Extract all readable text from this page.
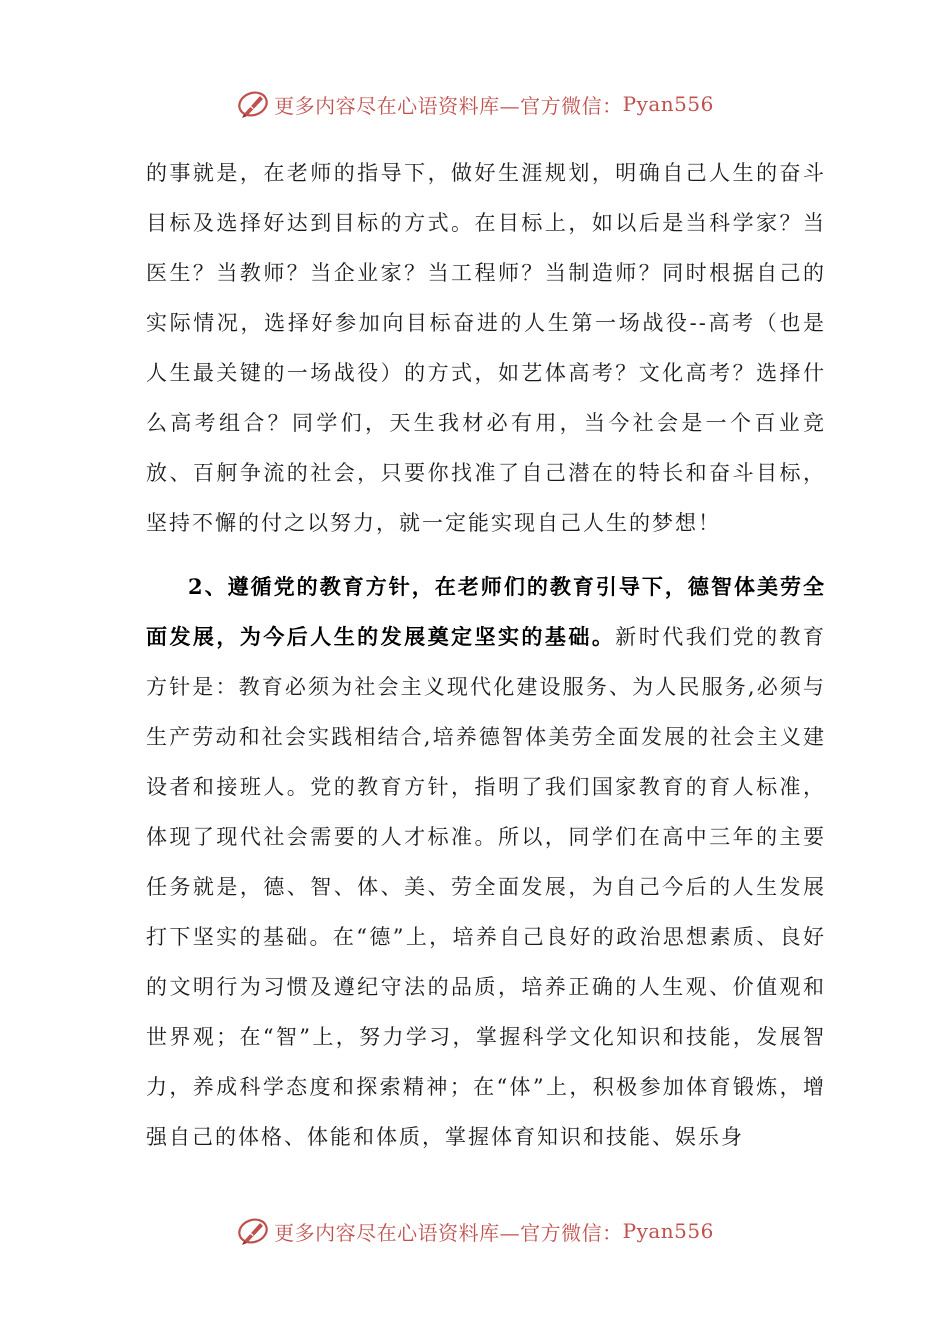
更多内容尽在心语资料库— 官方微信： Pyan556

的事就是，在老师的指导下，做好生涯规划，明确自己人生的奋斗目标及选择好达到目标的方式。在目标上，如以后是当科学家？当医生？当教师？当企业家？当工程师？当制造师？同时根据自己的实际情况，选择好参加向目标奋进的人生第一场战役--高考（也是人生最关键的一场战役）的方式，如艺体高考？文化高考？选择什么高考组合？同学们，天生我材必有用，当今社会是一个百业竞放、百舸争流的社会，只要你找准了自己潜在的特长和奋斗目标，坚持不懈的付之以努力，就一定能实现自己人生的梦想！

2、遵循党的教育方针，在老师们的教育引导下，德智体美劳全面发展，为今后人生的发展奠定坚实的基础。新时代我们党的教育方针是：教育必须为社会主义现代化建设服务、为人民服务,必须与生产劳动和社会实践相结合,培养德智体美劳全面发展的社会主义建设者和接班人。党的教育方针，指明了我们国家教育的育人标准，体现了现代社会需要的人才标准。所以，同学们在高中三年的主要任务就是，德、智、体、美、劳全面发展，为自己今后的人生发展打下坚实的基础。在“德”上，培养自己良好的政治思想素质、良好的文明行为习惯及遵纪守法的品质，培养正确的人生观、价值观和世界观；在“智”上，努力学习，掌握科学文化知识和技能，发展智力，养成科学态度和探索精神；在“体”上，积极参加体育锻炼，增强自己的体格、体能和体质，掌握体育知识和技能、娱乐身

更多内容尽在心语资料库— 官方微信： Pyan556
